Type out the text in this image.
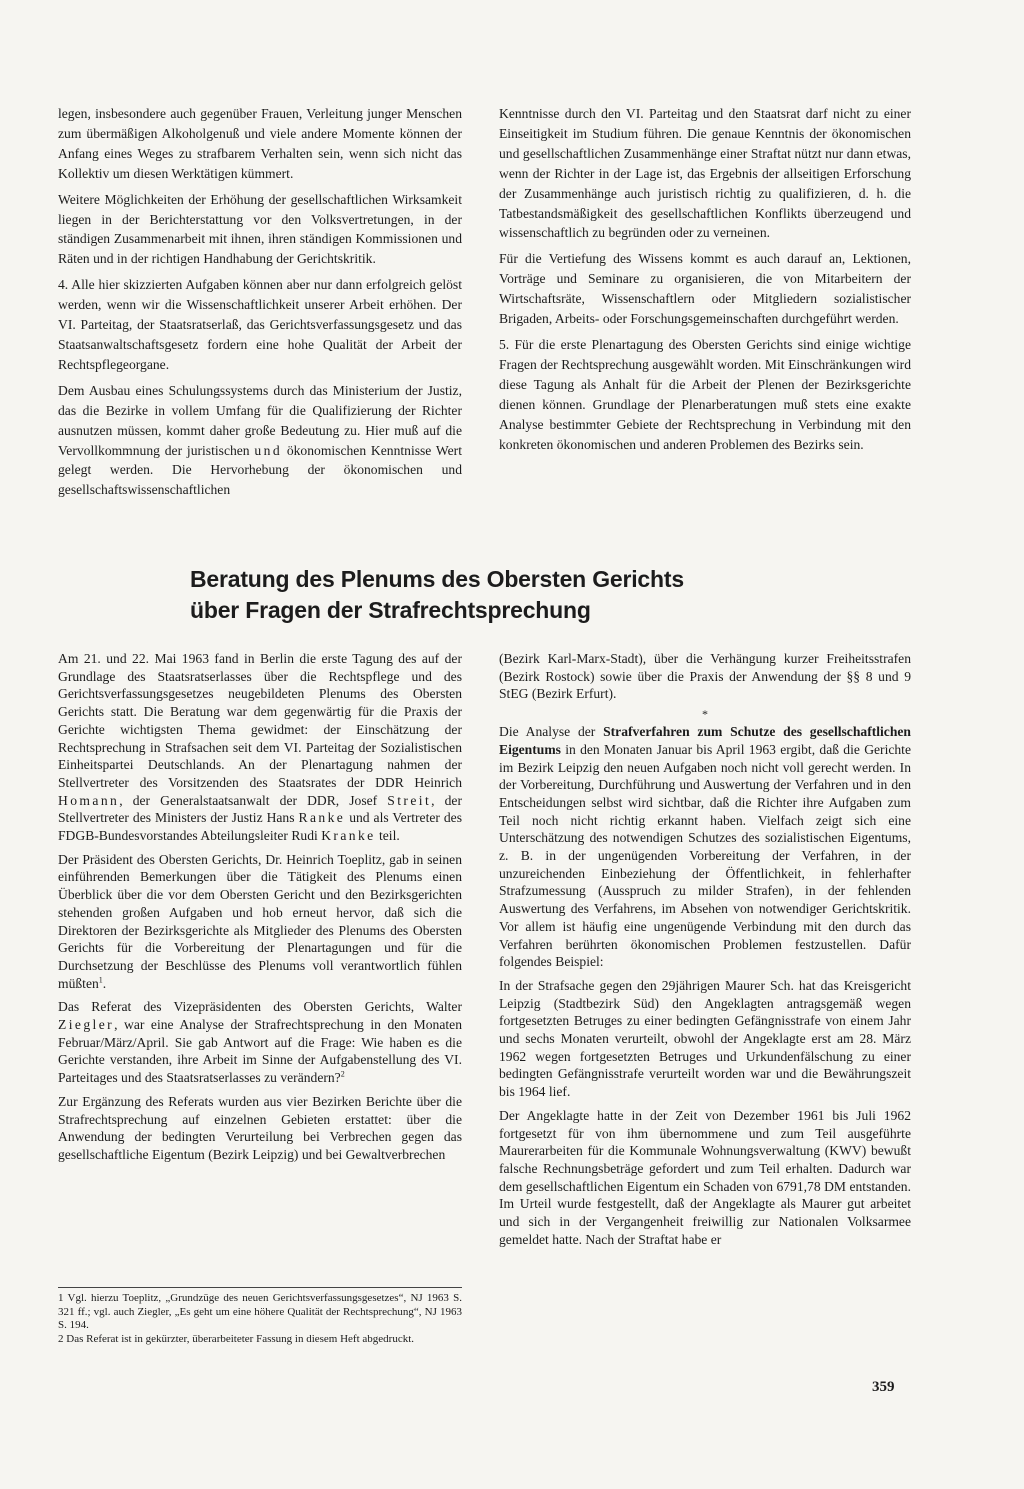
legen, insbesondere auch gegenüber Frauen, Verleitung junger Menschen zum übermäßigen Alkoholgenuß und viele andere Momente können der Anfang eines Weges zu strafbarem Verhalten sein, wenn sich nicht das Kollektiv um diesen Werktätigen kümmert.

Weitere Möglichkeiten der Erhöhung der gesellschaftlichen Wirksamkeit liegen in der Berichterstattung vor den Volksvertretungen, in der ständigen Zusammenarbeit mit ihnen, ihren ständigen Kommissionen und Räten und in der richtigen Handhabung der Gerichtskritik.

4. Alle hier skizzierten Aufgaben können aber nur dann erfolgreich gelöst werden, wenn wir die Wissenschaftlichkeit unserer Arbeit erhöhen. Der VI. Parteitag, der Staatsratserlaß, das Gerichtsverfassungsgesetz und das Staatsanwaltschaftsgesetz fordern eine hohe Qualität der Arbeit der Rechtspflegeorgane.

Dem Ausbau eines Schulungssystems durch das Ministerium der Justiz, das die Bezirke in vollem Umfang für die Qualifizierung der Richter ausnutzen müssen, kommt daher große Bedeutung zu. Hier muß auf die Vervollkommnung der juristischen und ökonomischen Kenntnisse Wert gelegt werden. Die Hervorhebung der ökonomischen und gesellschaftswissenschaftlichen

Kenntnisse durch den VI. Parteitag und den Staatsrat darf nicht zu einer Einseitigkeit im Studium führen. Die genaue Kenntnis der ökonomischen und gesellschaftlichen Zusammenhänge einer Straftat nützt nur dann etwas, wenn der Richter in der Lage ist, das Ergebnis der allseitigen Erforschung der Zusammenhänge auch juristisch richtig zu qualifizieren, d. h. die Tatbestandsmäßigkeit des gesellschaftlichen Konflikts überzeugend und wissenschaftlich zu begründen oder zu verneinen.

Für die Vertiefung des Wissens kommt es auch darauf an, Lektionen, Vorträge und Seminare zu organisieren, die von Mitarbeitern der Wirtschaftsräte, Wissenschaftlern oder Mitgliedern sozialistischer Brigaden, Arbeits- oder Forschungsgemeinschaften durchgeführt werden.

5. Für die erste Plenartagung des Obersten Gerichts sind einige wichtige Fragen der Rechtsprechung ausgewählt worden. Mit Einschränkungen wird diese Tagung als Anhalt für die Arbeit der Plenen der Bezirksgerichte dienen können. Grundlage der Plenarberatungen muß stets eine exakte Analyse bestimmter Gebiete der Rechtsprechung in Verbindung mit den konkreten ökonomischen und anderen Problemen des Bezirks sein.

Beratung des Plenums des Obersten Gerichts
über Fragen der Strafrechtsprechung

Am 21. und 22. Mai 1963 fand in Berlin die erste Tagung des auf der Grundlage des Staatsratserlasses über die Rechtspflege und des Gerichtsverfassungsgesetzes neugebildeten Plenums des Obersten Gerichts statt. Die Beratung war dem gegenwärtig für die Praxis der Gerichte wichtigsten Thema gewidmet: der Einschätzung der Rechtsprechung in Strafsachen seit dem VI. Parteitag der Sozialistischen Einheitspartei Deutschlands. An der Plenartagung nahmen der Stellvertreter des Vorsitzenden des Staatsrates der DDR Heinrich Homann, der Generalstaatsanwalt der DDR, Josef Streit, der Stellvertreter des Ministers der Justiz Hans Ranke und als Vertreter des FDGB-Bundesvorstandes Abteilungsleiter Rudi Kranke teil.

Der Präsident des Obersten Gerichts, Dr. Heinrich Toeplitz, gab in seinen einführenden Bemerkungen über die Tätigkeit des Plenums einen Überblick über die vor dem Obersten Gericht und den Bezirksgerichten stehenden großen Aufgaben und hob erneut hervor, daß sich die Direktoren der Bezirksgerichte als Mitglieder des Plenums des Obersten Gerichts für die Vorbereitung der Plenartagungen und für die Durchsetzung der Beschlüsse des Plenums voll verantwortlich fühlen müßten$^1$.

Das Referat des Vizepräsidenten des Obersten Gerichts, Walter Ziegler, war eine Analyse der Strafrechtsprechung in den Monaten Februar/März/April. Sie gab Antwort auf die Frage: Wie haben es die Gerichte verstanden, ihre Arbeit im Sinne der Aufgabenstellung des VI. Parteitages und des Staatsratserlasses zu verändern?$^2$

Zur Ergänzung des Referats wurden aus vier Bezirken Berichte über die Strafrechtsprechung auf einzelnen Gebieten erstattet: über die Anwendung der bedingten Verurteilung bei Verbrechen gegen das gesellschaftliche Eigentum (Bezirk Leipzig) und bei Gewaltverbrechen

1 Vgl. hierzu Toeplitz, „Grundzüge des neuen Gerichtsverfassungsgesetzes“, NJ 1963 S. 321 ff.; vgl. auch Ziegler, „Es geht um eine höhere Qualität der Rechtsprechung“, NJ 1963 S. 194.

2 Das Referat ist in gekürzter, überarbeiteter Fassung in diesem Heft abgedruckt.

(Bezirk Karl-Marx-Stadt), über die Verhängung kurzer Freiheitsstrafen (Bezirk Rostock) sowie über die Praxis der Anwendung der §§ 8 und 9 StEG (Bezirk Erfurt).

*

Die Analyse der Strafverfahren zum Schutze des gesellschaftlichen Eigentums in den Monaten Januar bis April 1963 ergibt, daß die Gerichte im Bezirk Leipzig den neuen Aufgaben noch nicht voll gerecht werden. In der Vorbereitung, Durchführung und Auswertung der Verfahren und in den Entscheidungen selbst wird sichtbar, daß die Richter ihre Aufgaben zum Teil noch nicht richtig erkannt haben. Vielfach zeigt sich eine Unterschätzung des notwendigen Schutzes des sozialistischen Eigentums, z. B. in der ungenügenden Vorbereitung der Verfahren, in der unzureichenden Einbeziehung der Öffentlichkeit, in fehlerhafter Strafzumessung (Ausspruch zu milder Strafen), in der fehlenden Auswertung des Verfahrens, im Absehen von notwendiger Gerichtskritik. Vor allem ist häufig eine ungenügende Verbindung mit den durch das Verfahren berührten ökonomischen Problemen festzustellen. Dafür folgendes Beispiel:

In der Strafsache gegen den 29jährigen Maurer Sch. hat das Kreisgericht Leipzig (Stadtbezirk Süd) den Angeklagten antragsgemäß wegen fortgesetzten Betruges zu einer bedingten Gefängnisstrafe von einem Jahr und sechs Monaten verurteilt, obwohl der Angeklagte erst am 28. März 1962 wegen fortgesetzten Betruges und Urkundenfälschung zu einer bedingten Gefängnisstrafe verurteilt worden war und die Bewährungszeit bis 1964 lief.

Der Angeklagte hatte in der Zeit von Dezember 1961 bis Juli 1962 fortgesetzt für von ihm übernommene und zum Teil ausgeführte Maurerarbeiten für die Kommunale Wohnungsverwaltung (KWV) bewußt falsche Rechnungsbeträge gefordert und zum Teil erhalten. Dadurch war dem gesellschaftlichen Eigentum ein Schaden von 6791,78 DM entstanden. Im Urteil wurde festgestellt, daß der Angeklagte als Maurer gut arbeitet und sich in der Vergangenheit freiwillig zur Nationalen Volksarmee gemeldet hatte. Nach der Straftat habe er

359
